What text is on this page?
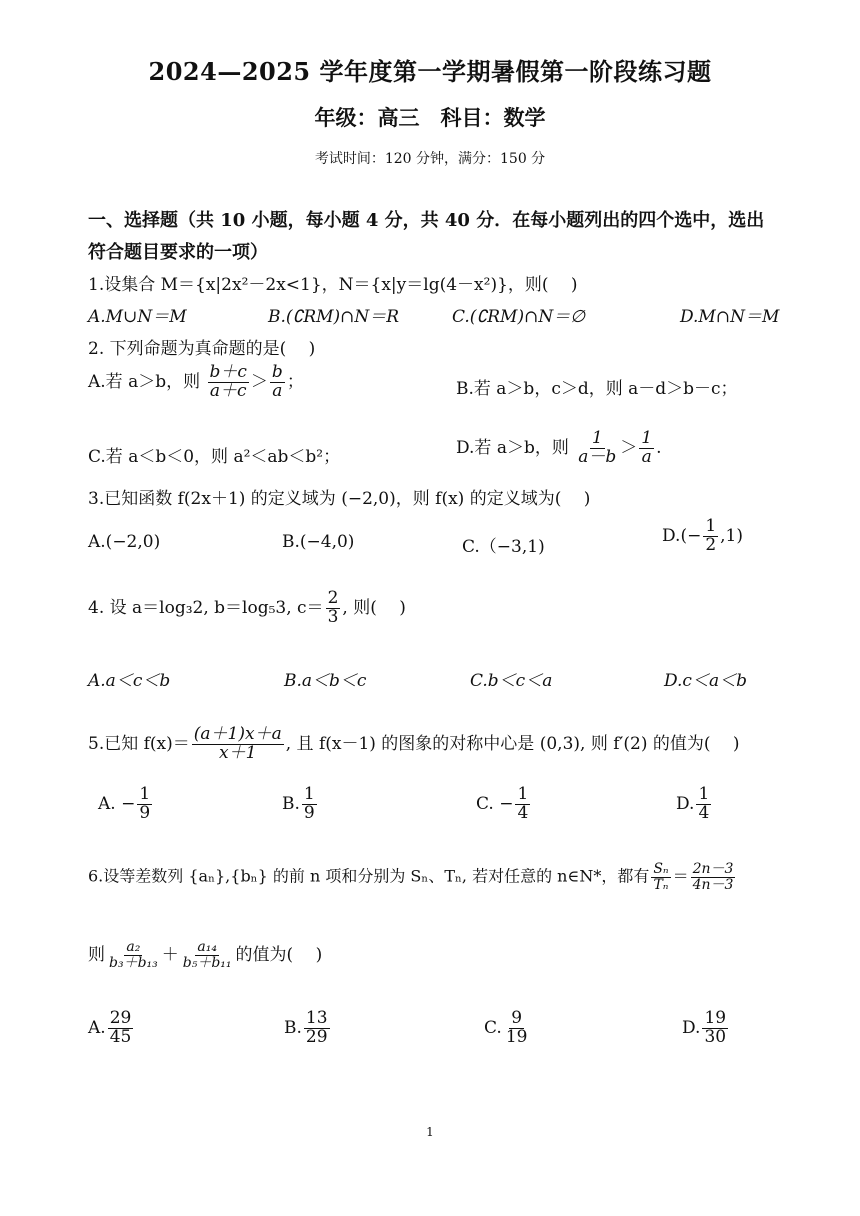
2024—2025 学年度第一学期暑假第一阶段练习题
年级：高三　科目：数学
考试时间：120 分钟，满分：150 分
一、选择题（共 10 小题，每小题 4 分，共 40 分．在每小题列出的四个选中，选出
符合题目要求的一项）
1.设集合 M＝{x|2x²－2x<1}，N＝{x|y＝lg(4－x²)}，则(　 )
A.M∪N＝M	B.(∁RM)∩N＝R	C.(∁RM)∩N＝∅	D.M∩N＝M
2. 下列命题为真命题的是(　 )
A.若 a＞b，则 $\frac{b+c}{a+c} > \frac{b}{a}$ ；	B.若 a＞b，c＞d，则 a－d＞b－c；
C.若 a＜b＜0，则 a²＜ab＜b²；	D.若 a＞b，则 $\frac{1}{a-b} > \frac{1}{a}$ .
3.已知函数 f(2x＋1) 的定义域为 (−2,0)，则 f(x) 的定义域为(　 )
A.(−2,0)	B.(−4,0)	C.（−3,1)
$D.(- \frac{1}{2} ,1)$
4. 设 a＝log₃2, b＝log₅3, $c= \frac{2}{3}$ , 则(　 )
A.a＜c＜b	B.a＜b＜c	C.b＜c＜a	D.c＜a＜b
5.已知 $f(x)= \frac{(a+1)x+a}{x+1}$ , 且 f(x－1) 的图象的对称中心是 (0,3), 则 f′(2) 的值为(　 )
A. − $\frac{1}{9}$	B. $\frac{1}{9}$	C. − $\frac{1}{4}$	D. $\frac{1}{4}$
6.设等差数列 {aₙ},{bₙ} 的前 n 项和分别为 Sₙ、Tₙ, 若对任意的 n∈N*，都有 $\frac{\text{Sₙ}}{\text{Tₙ}} = \frac{2n-3}{4n-3}$
则 $\frac{\text{a₂}}{\text{b₃＋b₁₃}} + \frac{\text{a₁₄}}{\text{b₅＋b₁₁}}$ 的值为(　 )
A. $\frac{29}{45}$	B. $\frac{13}{29}$	C. $\frac{9}{19}$	D. $\frac{19}{30}$
1
